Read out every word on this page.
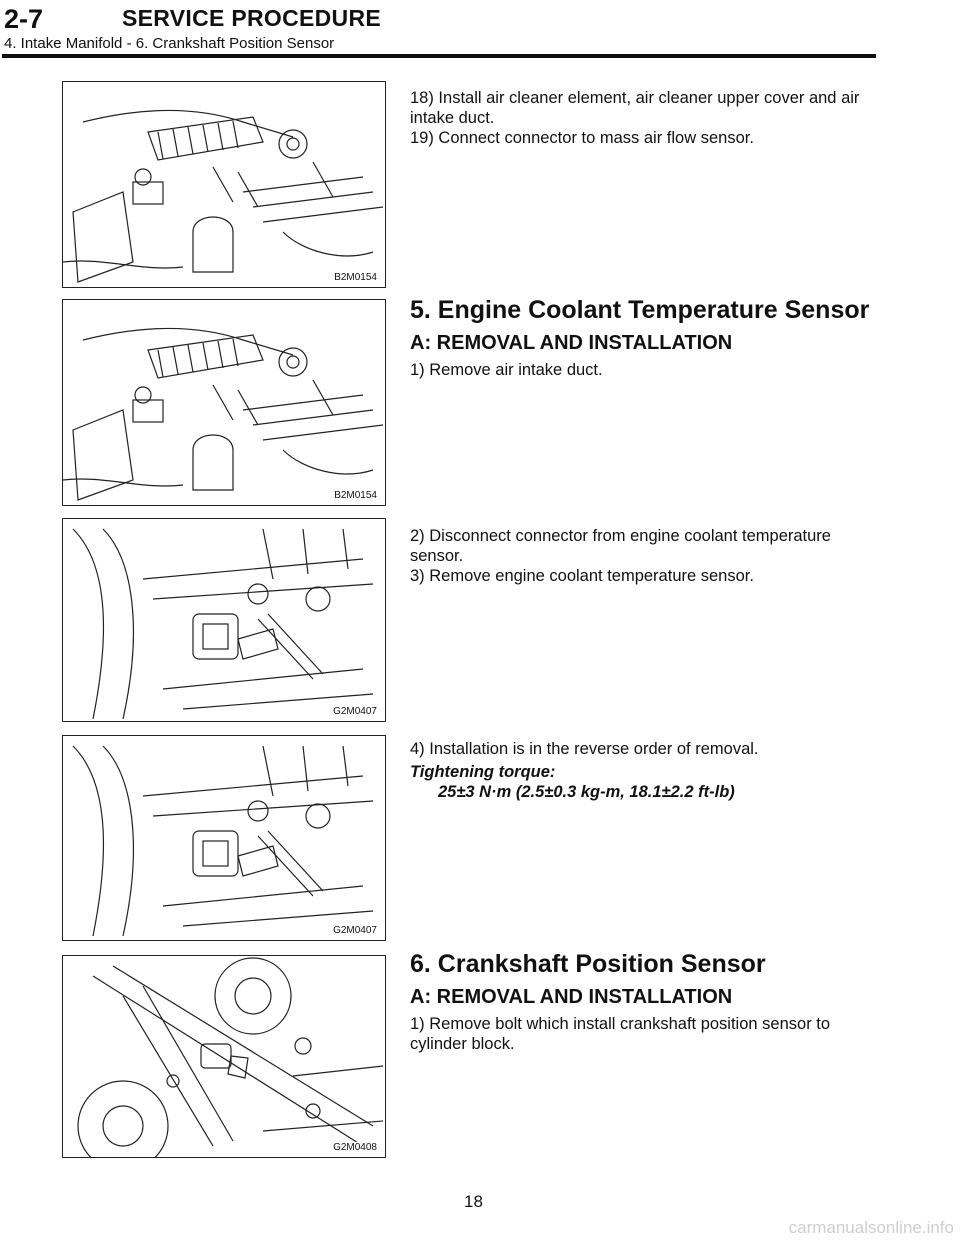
2-7	SERVICE PROCEDURE
4. Intake Manifold - 6. Crankshaft Position Sensor
B2M0154
B2M0154
G2M0407
G2M0407
G2M0408
18) Install air cleaner element, air cleaner upper cover and air intake duct.
19) Connect connector to mass air flow sensor.
5. Engine Coolant Temperature Sensor
A: REMOVAL AND INSTALLATION
1) Remove air intake duct.
2) Disconnect connector from engine coolant temperature sensor.
3) Remove engine coolant temperature sensor.
4) Installation is in the reverse order of removal.
Tightening torque:
25±3 N·m (2.5±0.3 kg-m, 18.1±2.2 ft-lb)
6. Crankshaft Position Sensor
A: REMOVAL AND INSTALLATION
1) Remove bolt which install crankshaft position sensor to cylinder block.
18
carmanualsonline.info
